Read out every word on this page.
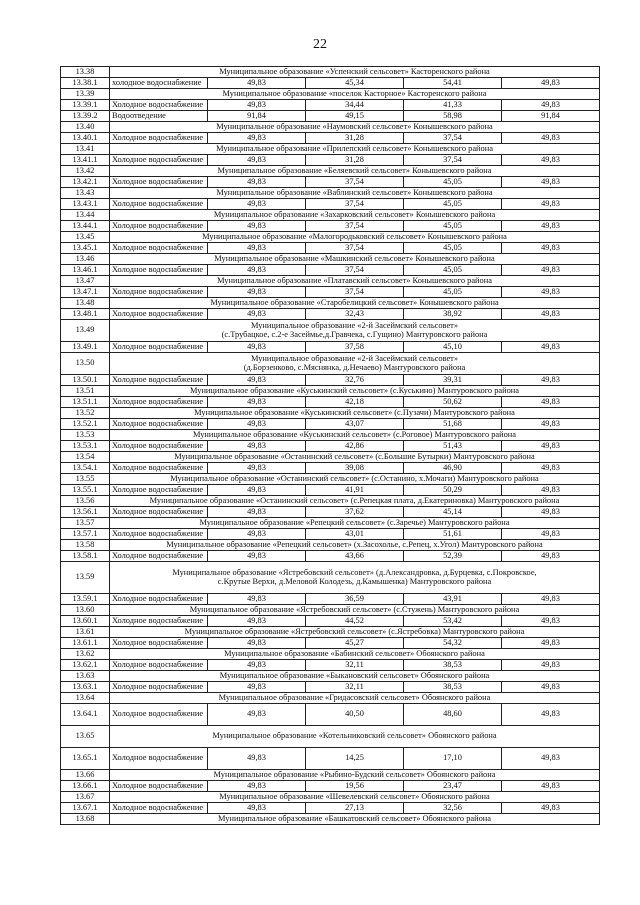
22
13.38	Муниципальное образование «Успенский сельсовет» Касторенского района				
13.38.1	холодное водоснабжение	49,83	45,34	54,41	49,83
13.39	Муниципальное образование «поселок Касторное» Касторенского района				
13.39.1	Холодное водоснабжение	49,83	34,44	41,33	49,83
13.39.2	Водоотведение	91,84	49,15	58,98	91,84
13.40	Муниципальное образование «Наумовский сельсовет» Конышевского района				
13.40.1	Холодное водоснабжение	49,83	31,28	37,54	49,83
13.41	Муниципальное образование «Прилепский сельсовет» Конышевского района				
13.41.1	Холодное водоснабжение	49,83	31,28	37,54	49,83
13.42	Муниципальное образование «Беляевский сельсовет» Конышевского района				
13.42.1	Холодное водоснабжение	49,83	37,54	45,05	49,83
13.43	Муниципальное образование «Ваблинский сельсовет» Конышевского района				
13.43.1	Холодное водоснабжение	49,83	37,54	45,05	49,83
13.44	Муниципальное образование «Захарковский сельсовет» Конышевского района				
13.44.1	Холодное водоснабжение	49,83	37,54	45,05	49,83
13.45	Муниципальное образование «Малогородьковский сельсовет» Конышевского района				
13.45.1	Холодное водоснабжение	49,83	37,54	45,05	49,83
13.46	Муниципальное образование «Машкинский сельсовет» Конышевского района				
13.46.1	Холодное водоснабжение	49,83	37,54	45,05	49,83
13.47	Муниципальное образование «Платавский сельсовет» Конышевского района				
13.47.1	Холодное водоснабжение	49,83	37,54	45,05	49,83
13.48	Муниципальное образование «Старобелицкий сельсовет» Конышевского района				
13.48.1	Холодное водоснабжение	49,83	32,43	38,92	49,83
13.49	Муниципальное образование «2-й Засеймский сельсовет»
(с.Трубацкое, с.2-е Засеймье,д.Гравчека, с.Гущино) Мантуровского района				

13.49.1	Холодное водоснабжение	49,83	37,58	45,10	49,83
13.50	Муниципальное образование «2-й Засеймский сельсовет»
(д.Борзенково, с.Мяснянка, д.Нечаево) Мантуровского района				

13.50.1	Холодное водоснабжение	49,83	32,76	39,31	49,83
13.51	Муниципальное образование «Куськинский сельсовет» (с.Куськино) Мантуровского района				
13.51.1	Холодное водоснабжение	49,83	42,18	50,62	49,83
13.52	Муниципальное образование «Куськинский сельсовет» (с.Пузачи) Мантуровского района				
13.52.1	Холодное водоснабжение	49,83	43,07	51,68	49,83
13.53	Муниципальное образование «Куськинский сельсовет» (с.Роговое) Мантуровского района				
13.53.1	Холодное водоснабжение	49,83	42,86	51,43	49,83
13.54	Муниципальное образование «Останинский сельсовет» (с.Большие Бутырки) Мантуровского района				
13.54.1	Холодное водоснабжение	49,83	39,08	46,90	49,83
13.55	Муниципальное образование «Останинский сельсовет» (с.Останино, х.Мочаги) Мантуровского района				
13.55.1	Холодное водоснабжение	49,83	41,91	50,29	49,83
13.56	Муниципальное образование «Останинский сельсовет» (с.Репецкая плата, д.Екатериновка) Мантуровского района				
13.56.1	Холодное водоснабжение	49,83	37,62	45,14	49,83
13.57	Муниципальное образование «Репецкий сельсовет» (с.Заречье) Мантуровского района				
13.57.1	Холодное водоснабжение	49,83	43,01	51,61	49,83
13.58	Муниципальное образование «Репецкий сельсовет» (х.Засохолье, с.Репец, х.Угол) Мантуровского района				
13.58.1	Холодное водоснабжение	49,83	43,66	52,39	49,83
13.59	Муниципальное образование «Ястребовский сельсовет» (д.Александровка, д.Бурцевка, с.Покровское,
с.Крутые Верхи, д.Меловой Колодезь, д.Камышенка) Мантуровского района				

13.59.1	Холодное водоснабжение	49,83	36,59	43,91	49,83
13.60	Муниципальное образование «Ястребовский сельсовет» (с.Стужень) Мантуровского района				
13.60.1	Холодное водоснабжение	49,83	44,52	53,42	49,83
13.61	Муниципальное образование «Ястребовский сельсовет» (с.Ястребовка) Мантуровского района				
13.61.1	Холодное водоснабжение	49,83	45,27	54,32	49,83
13.62	Муниципальное образование «Бабинский сельсовет» Обоянского района				
13.62.1	Холодное водоснабжение	49,83	32,11	38,53	49,83
13.63	Муниципальное образование «Быкановский сельсовет» Обоянского района				
13.63.1	Холодное водоснабжение	49,83	32,11	38,53	49,83
13.64	Муниципальное образование «Гридасовский сельсовет» Обоянского района				
13.64.1	Холодное водоснабжение	49,83	40,50	48,60	49,83
13.65	Муниципальное образование «Котельниковский сельсовет» Обоянского района				
13.65.1	Холодное водоснабжение	49,83	14,25	17,10	49,83
13.66	Муниципальное образование «Рыбино-Будский сельсовет» Обоянского района				
13.66.1	Холодное водоснабжение	49,83	19,56	23,47	49,83
13.67	Муниципальное образование «Шевелевский сельсовет» Обоянского района				
13.67.1	Холодное водоснабжение	49,83	27,13	32,56	49,83
13.68	Муниципальное образование «Башкатовский сельсовет» Обоянского района				
